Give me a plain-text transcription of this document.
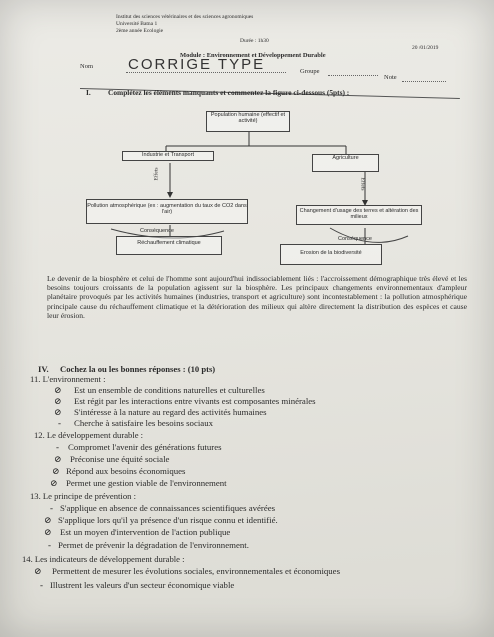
Institut des sciences vétérinaires et des sciences agronomiques
Université Batna 1
2ème année Ecologie
Durée : 1h30
20 /01/2019
Module : Environnement et Développement Durable
Nom CORRIGE TYPE	Groupe
Note
I. Complétez les éléments manquants et commentez la figure ci-dessous (5pts) :
Population humaine (effectif et activité)
Industrie et Transport	Agriculture
Effets
Effets
Pollution atmosphérique (ex : augmentation du taux de CO2 dans l'air)	Changement d'usage des terres et altération des milieux
Conséquence
Conséquence
Réchauffement climatique
Erosion de la biodiversité
Le devenir de la biosphère et celui de l'homme sont aujourd'hui indissociablement liés : l'accroissement démographique très élevé et les besoins toujours croissants de la population agissent sur la biosphère. Les principaux changements environnementaux d'ampleur planétaire provoqués par les activités humaines (industries, transport et agriculture) sont incontestablement : la pollution atmosphérique principale cause du réchauffement climatique et la détérioration des milieux qui altère directement la distribution des espèces et cause leur érosion.
IV. Cochez la ou les bonnes réponses : (10 pts)
11. L'environnement :
⊘ Est un ensemble de conditions naturelles et culturelles
⊘ Est régit par les interactions entre vivants est composantes minérales
⊘ S'intéresse à la nature au regard des activités humaines
- Cherche à satisfaire les besoins sociaux
12. Le développement durable :
- Compromet l'avenir des générations futures
⊘ Préconise une équité sociale
⊘ Répond aux besoins économiques
⊘ Permet une gestion viable de l'environnement
13. Le principe de prévention :
- S'applique en absence de connaissances scientifiques avérées
⊘ S'applique lors qu'il ya présence d'un risque connu et identifié.
⊘ Est un moyen d'intervention de l'action publique
- Permet de prévenir la dégradation de l'environnement.
14. Les indicateurs de développement durable :
⊘ Permettent de mesurer les évolutions sociales, environnementales et économiques
- Illustrent les valeurs d'un secteur économique viable
